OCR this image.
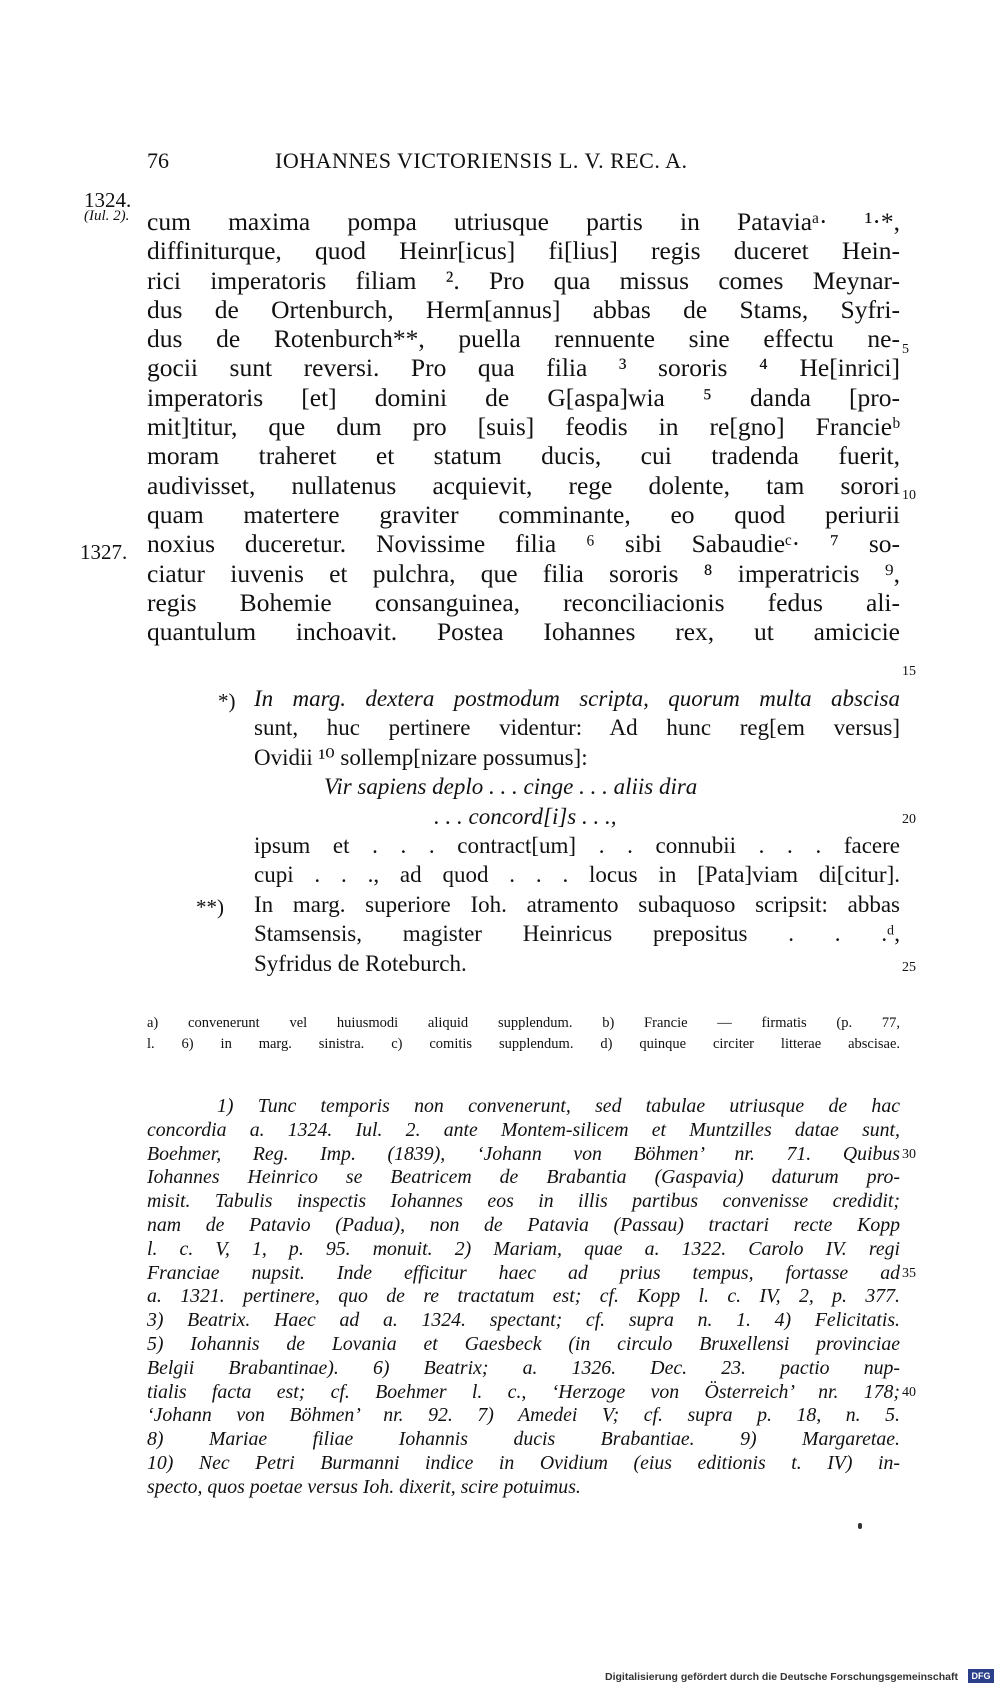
76	IOHANNES VICTORIENSIS L. V. REC. A.
1324.
(Iul. 2).
1327.
5
10
15
20
25
30
35
40
cum maxima pompa utriusque partis in Pataviaᵃ· ¹·*,
diffiniturque, quod Heinr[icus] fi[lius] regis duceret Hein-
rici imperatoris filiam ². Pro qua missus comes Meynar-
dus de Ortenburch, Herm[annus] abbas de Stams, Syfri-
dus de Rotenburch**, puella rennuente sine effectu ne-
gocii sunt reversi. Pro qua filia ³ sororis ⁴ He[inrici]
imperatoris [et] domini de G[aspa]wia ⁵ danda [pro-
mit]titur, que dum pro [suis] feodis in re[gno] Francieᵇ
moram traheret et statum ducis, cui tradenda fuerit,
audivisset, nullatenus acquievit, rege dolente, tam sorori
quam matertere graviter comminante, eo quod periurii
noxius duceretur. Novissime filia ⁶ sibi Sabaudieᶜ· ⁷ so-
ciatur iuvenis et pulchra, que filia sororis ⁸ imperatricis ⁹,
regis Bohemie consanguinea, reconciliacionis fedus ali-
quantulum inchoavit. Postea Iohannes rex, ut amicicie
*)
**)
In marg. dextera postmodum scripta, quorum multa abscisa
sunt, huc pertinere videntur: Ad hunc reg[em versus]
Ovidii ¹⁰ sollemp[nizare possumus]:
Vir sapiens deplo . . . cinge . . . aliis dira
. . . concord[i]s . . .,
ipsum et . . . contract[um] . . connubii . . . facere
cupi . . ., ad quod . . . locus in [Pata]viam di[citur].
In marg. superiore Ioh. atramento subaquoso scripsit: abbas
Stamsensis, magister Heinricus prepositus . . .ᵈ,
Syfridus de Roteburch.
a) convenerunt vel huiusmodi aliquid supplendum. b) Francie — firmatis (p. 77,
l. 6) in marg. sinistra. c) comitis supplendum. d) quinque circiter litterae abscisae.
1) Tunc temporis non convenerunt, sed tabulae utriusque de hac
concordia a. 1324. Iul. 2. ante Montem-silicem et Muntzilles datae sunt,
Boehmer, Reg. Imp. (1839), ‘Johann von Böhmen’ nr. 71. Quibus
Iohannes Heinrico se Beatricem de Brabantia (Gaspavia) daturum pro-
misit. Tabulis inspectis Iohannes eos in illis partibus convenisse credidit;
nam de Patavio (Padua), non de Patavia (Passau) tractari recte Kopp
l. c. V, 1, p. 95. monuit. 2) Mariam, quae a. 1322. Carolo IV. regi
Franciae nupsit. Inde efficitur haec ad prius tempus, fortasse ad
a. 1321. pertinere, quo de re tractatum est; cf. Kopp l. c. IV, 2, p. 377.
3) Beatrix. Haec ad a. 1324. spectant; cf. supra n. 1. 4) Felicitatis.
5) Iohannis de Lovania et Gaesbeck (in circulo Bruxellensi provinciae
Belgii Brabantinae). 6) Beatrix; a. 1326. Dec. 23. pactio nup-
tialis facta est; cf. Boehmer l. c., ‘Herzoge von Österreich’ nr. 178;
‘Johann von Böhmen’ nr. 92. 7) Amedei V; cf. supra p. 18, n. 5.
8) Mariae filiae Iohannis ducis Brabantiae. 9) Margaretae.
10) Nec Petri Burmanni indice in Ovidium (eius editionis t. IV) in-
specto, quos poetae versus Ioh. dixerit, scire potuimus.
Digitalisierung gefördert durch die Deutsche Forschungsgemeinschaft	DFG
